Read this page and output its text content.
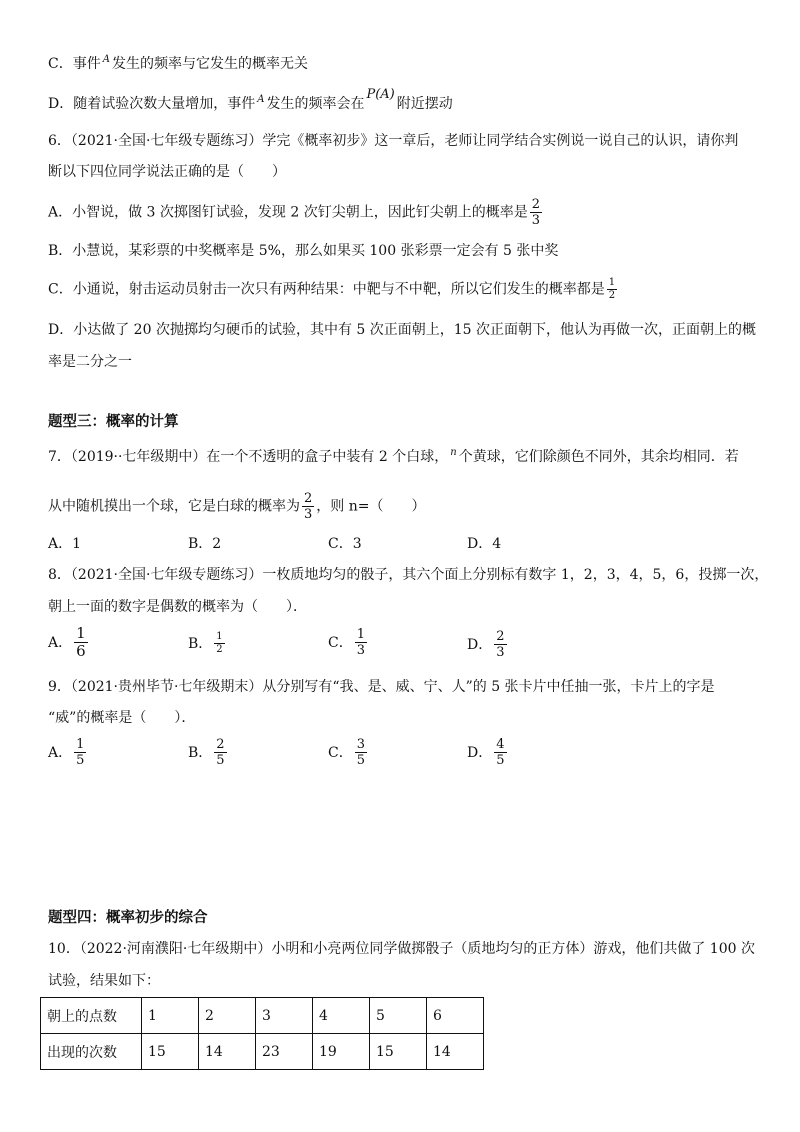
C．事件 $^A$ 发生的频率与它发生的概率无关
D．随着试验次数大量增加，事件 $^A$ 发生的频率会在P(A)附近摆动
6．（2021·全国·七年级专题练习）学完《概率初步》这一章后，老师让同学结合实例说一说自己的认识，请你判
断以下四位同学说法正确的是（　　）
A．小智说，做 3 次掷图钉试验，发现 2 次钉尖朝上，因此钉尖朝上的概率是 $\frac{2}{3}$
B．小慧说，某彩票的中奖概率是 5%，那么如果买 100 张彩票一定会有 5 张中奖
C．小通说，射击运动员射击一次只有两种结果：中靶与不中靶，所以它们发生的概率都是 $\frac{1}{2}$
D．小达做了 20 次抛掷均匀硬币的试验，其中有 5 次正面朝上，15 次正面朝下，他认为再做一次，正面朝上的概
率是二分之一
题型三：概率的计算
7．（2019··七年级期中）在一个不透明的盒子中装有 2 个白球， $^n$ 个黄球，它们除颜色不同外，其余均相同．若
从中随机摸出一个球，它是白球的概率为 $\frac{2}{3}$ ，则 n=（　　）
A．1	B．2	C．3	D．4
8．（2021·全国·七年级专题练习）一枚质地均匀的骰子，其六个面上分别标有数字 1，2，3，4，5，6，投掷一次，
朝上一面的数字是偶数的概率为（　　）．
A． $\frac{1}{6}$	B． $\frac{1}{2}$	C． $\frac{1}{3}$	D． $\frac{2}{3}$
9．（2021·贵州毕节·七年级期末）从分别写有“我、是、威、宁、人”的 5 张卡片中任抽一张，卡片上的字是
“威”的概率是（　　）．
A． $\frac{1}{5}$	B． $\frac{2}{5}$	C． $\frac{3}{5}$	D． $\frac{4}{5}$
题型四：概率初步的综合
10．（2022·河南濮阳·七年级期中）小明和小亮两位同学做掷骰子（质地均匀的正方体）游戏，他们共做了 100 次
试验，结果如下：
朝上的点数	1	2	3	4	5	6
出现的次数	15	14	23	19	15	14
